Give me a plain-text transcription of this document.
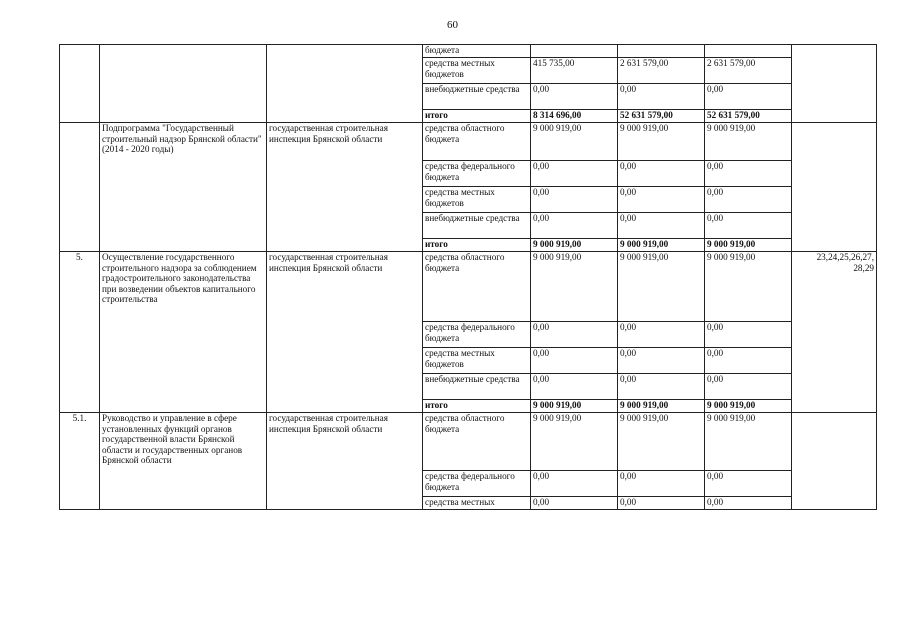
60
			бюджета				
			средства местных бюджетов	415 735,00	2 631 579,00	2 631 579,00	
			внебюджетные средства	0,00	0,00	0,00	
			итого	8 314 696,00	52 631 579,00	52 631 579,00	
	Подпрограмма "Государственный строительный надзор Брянской области" (2014 - 2020 годы)	государственная строительная инспекция Брянской области	средства областного бюджета	9 000 919,00	9 000 919,00	9 000 919,00	
			средства федерального бюджета	0,00	0,00	0,00	
			средства местных бюджетов	0,00	0,00	0,00	
			внебюджетные средства	0,00	0,00	0,00	
			итого	9 000 919,00	9 000 919,00	9 000 919,00	
5.	Осуществление государственного строительного надзора за соблюдением градостроительного законодательства при возведении объектов капитального строительства	государственная строительная инспекция Брянской области	средства областного бюджета	9 000 919,00	9 000 919,00	9 000 919,00	23,24,25,26,27, 28,29
			средства федерального бюджета	0,00	0,00	0,00	
			средства местных бюджетов	0,00	0,00	0,00	
			внебюджетные средства	0,00	0,00	0,00	
			итого	9 000 919,00	9 000 919,00	9 000 919,00	
5.1.	Руководство и управление в сфере установленных функций органов государственной власти Брянской области и государственных органов Брянской области	государственная строительная инспекция Брянской области	средства областного бюджета	9 000 919,00	9 000 919,00	9 000 919,00	
			средства федерального бюджета	0,00	0,00	0,00	
			средства местных	0,00	0,00	0,00	
